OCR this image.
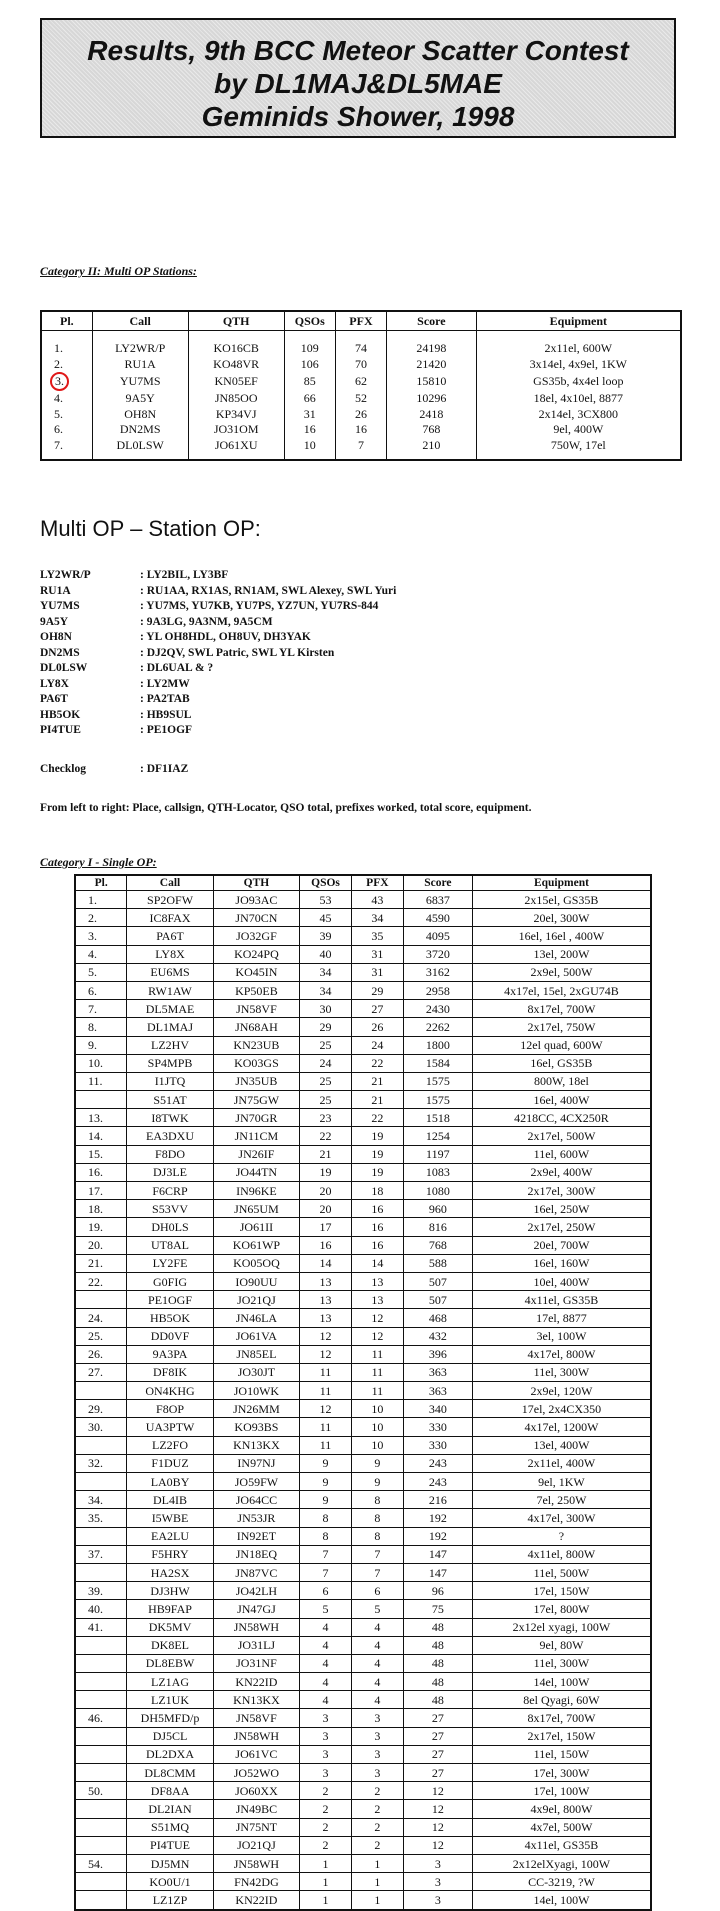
Results, 9th BCC Meteor Scatter Contest
by DL1MAJ&DL5MAE
Geminids Shower, 1998
Category II: Multi OP Stations:
Pl.	Call	QTH	QSOs	PFX	Score	Equipment

1.	LY2WR/P	KO16CB	109	74	24198	2x11el, 600W
2.	RU1A	KO48VR	106	70	21420	3x14el, 4x9el, 1KW
3.	YU7MS	KN05EF	85	62	15810	GS35b, 4x4el loop
4.	9A5Y	JN85OO	66	52	10296	18el, 4x10el, 8877
5.	OH8N	KP34VJ	31	26	2418	2x14el, 3CX800
6.	DN2MS	JO31OM	16	16	768	9el, 400W
7.	DL0LSW	JO61XU	10	7	210	750W, 17el

Multi OP – Station OP:
LY2WR/P	: LY2BIL, LY3BF
RU1A	: RU1AA, RX1AS, RN1AM, SWL Alexey, SWL Yuri
YU7MS	: YU7MS, YU7KB, YU7PS, YZ7UN, YU7RS-844
9A5Y	: 9A3LG, 9A3NM, 9A5CM
OH8N	: YL OH8HDL, OH8UV, DH3YAK
DN2MS	: DJ2QV, SWL Patric, SWL YL Kirsten
DL0LSW	: DL6UAL & ?
LY8X	: LY2MW
PA6T	: PA2TAB
HB5OK	: HB9SUL
PI4TUE	: PE1OGF
Checklog	: DF1IAZ
From left to right: Place, callsign, QTH-Locator, QSO total, prefixes worked, total score, equipment.
Category I - Single OP:
Pl.	Call	QTH	QSOs	PFX	Score	Equipment
1.	SP2OFW	JO93AC	53	43	6837	2x15el, GS35B
2.	IC8FAX	JN70CN	45	34	4590	20el, 300W
3.	PA6T	JO32GF	39	35	4095	16el, 16el , 400W
4.	LY8X	KO24PQ	40	31	3720	13el, 200W
5.	EU6MS	KO45IN	34	31	3162	2x9el, 500W
6.	RW1AW	KP50EB	34	29	2958	4x17el, 15el, 2xGU74B
7.	DL5MAE	JN58VF	30	27	2430	8x17el, 700W
8.	DL1MAJ	JN68AH	29	26	2262	2x17el, 750W
9.	LZ2HV	KN23UB	25	24	1800	12el quad, 600W
10.	SP4MPB	KO03GS	24	22	1584	16el, GS35B
11.	I1JTQ	JN35UB	25	21	1575	800W, 18el
	S51AT	JN75GW	25	21	1575	16el, 400W
13.	I8TWK	JN70GR	23	22	1518	4218CC, 4CX250R
14.	EA3DXU	JN11CM	22	19	1254	2x17el, 500W
15.	F8DO	JN26IF	21	19	1197	11el, 600W
16.	DJ3LE	JO44TN	19	19	1083	2x9el, 400W
17.	F6CRP	IN96KE	20	18	1080	2x17el, 300W
18.	S53VV	JN65UM	20	16	960	16el, 250W
19.	DH0LS	JO61II	17	16	816	2x17el, 250W
20.	UT8AL	KO61WP	16	16	768	20el, 700W
21.	LY2FE	KO05OQ	14	14	588	16el, 160W
22.	G0FIG	IO90UU	13	13	507	10el, 400W
	PE1OGF	JO21QJ	13	13	507	4x11el, GS35B
24.	HB5OK	JN46LA	13	12	468	17el, 8877
25.	DD0VF	JO61VA	12	12	432	3el, 100W
26.	9A3PA	JN85EL	12	11	396	4x17el, 800W
27.	DF8IK	JO30JT	11	11	363	11el, 300W
	ON4KHG	JO10WK	11	11	363	2x9el, 120W
29.	F8OP	JN26MM	12	10	340	17el, 2x4CX350
30.	UA3PTW	KO93BS	11	10	330	4x17el, 1200W
	LZ2FO	KN13KX	11	10	330	13el, 400W
32.	F1DUZ	IN97NJ	9	9	243	2x11el, 400W
	LA0BY	JO59FW	9	9	243	9el, 1KW
34.	DL4IB	JO64CC	9	8	216	7el, 250W
35.	I5WBE	JN53JR	8	8	192	4x17el, 300W
	EA2LU	IN92ET	8	8	192	?
37.	F5HRY	JN18EQ	7	7	147	4x11el, 800W
	HA2SX	JN87VC	7	7	147	11el, 500W
39.	DJ3HW	JO42LH	6	6	96	17el, 150W
40.	HB9FAP	JN47GJ	5	5	75	17el, 800W
41.	DK5MV	JN58WH	4	4	48	2x12el xyagi, 100W
	DK8EL	JO31LJ	4	4	48	9el, 80W
	DL8EBW	JO31NF	4	4	48	11el, 300W
	LZ1AG	KN22ID	4	4	48	14el, 100W
	LZ1UK	KN13KX	4	4	48	8el Qyagi, 60W
46.	DH5MFD/p	JN58VF	3	3	27	8x17el, 700W
	DJ5CL	JN58WH	3	3	27	2x17el, 150W
	DL2DXA	JO61VC	3	3	27	11el, 150W
	DL8CMM	JO52WO	3	3	27	17el, 300W
50.	DF8AA	JO60XX	2	2	12	17el, 100W
	DL2IAN	JN49BC	2	2	12	4x9el, 800W
	S51MQ	JN75NT	2	2	12	4x7el, 500W
	PI4TUE	JO21QJ	2	2	12	4x11el, GS35B
54.	DJ5MN	JN58WH	1	1	3	2x12elXyagi, 100W
	KO0U/1	FN42DG	1	1	3	CC-3219, ?W
	LZ1ZP	KN22ID	1	1	3	14el, 100W
